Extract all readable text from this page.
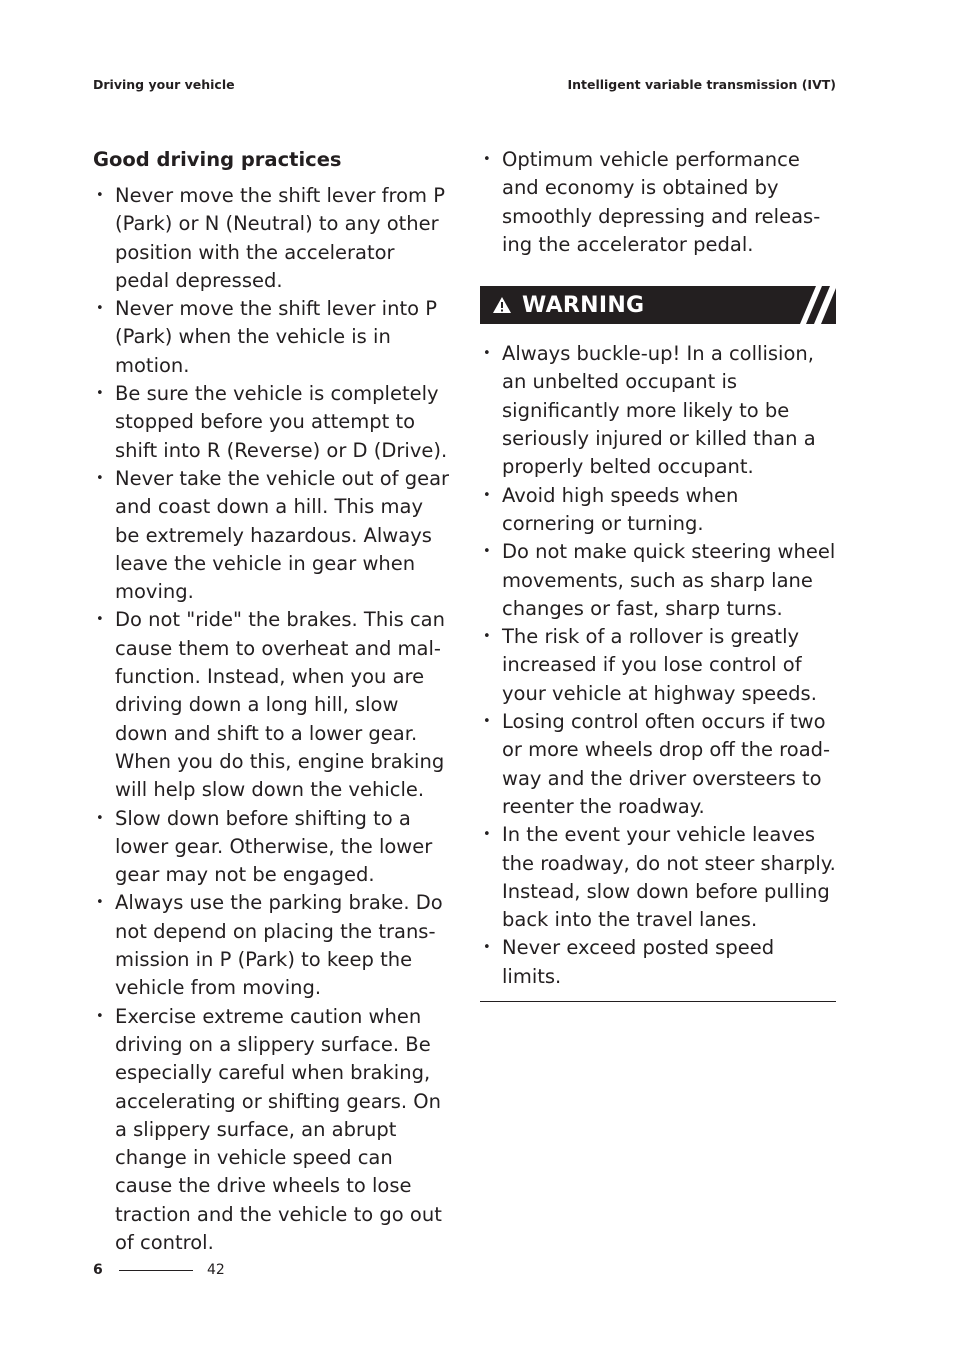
Driving your vehicle	Intelligent variable transmission (IVT)
Good driving practices
• Never move the shift lever from P (Park) or N (Neutral) to any other position with the accelerator pedal depressed.
• Never move the shift lever into P (Park) when the vehicle is in motion.
• Be sure the vehicle is completely stopped before you attempt to shift into R (Reverse) or D (Drive).
• Never take the vehicle out of gear and coast down a hill. This may be extremely hazardous. Always leave the vehicle in gear when moving.
• Do not "ride" the brakes. This can cause them to overheat and malfunction. Instead, when you are driving down a long hill, slow down and shift to a lower gear. When you do this, engine braking will help slow down the vehicle.
• Slow down before shifting to a lower gear. Otherwise, the lower gear may not be engaged.
• Always use the parking brake. Do not depend on placing the transmission in P (Park) to keep the vehicle from moving.
• Exercise extreme caution when driving on a slippery surface. Be especially careful when braking, accelerating or shifting gears. On a slippery surface, an abrupt change in vehicle speed can cause the drive wheels to lose traction and the vehicle to go out of control.
• Optimum vehicle performance and economy is obtained by smoothly depressing and releasing the accelerator pedal.
WARNING
• Always buckle-up! In a collision, an unbelted occupant is significantly more likely to be seriously injured or killed than a properly belted occupant.
• Avoid high speeds when cornering or turning.
• Do not make quick steering wheel movements, such as sharp lane changes or fast, sharp turns.
• The risk of a rollover is greatly increased if you lose control of your vehicle at highway speeds.
• Losing control often occurs if two or more wheels drop off the roadway and the driver oversteers to reenter the roadway.
• In the event your vehicle leaves the roadway, do not steer sharply. Instead, slow down before pulling back into the travel lanes.
• Never exceed posted speed limits.
6	42
